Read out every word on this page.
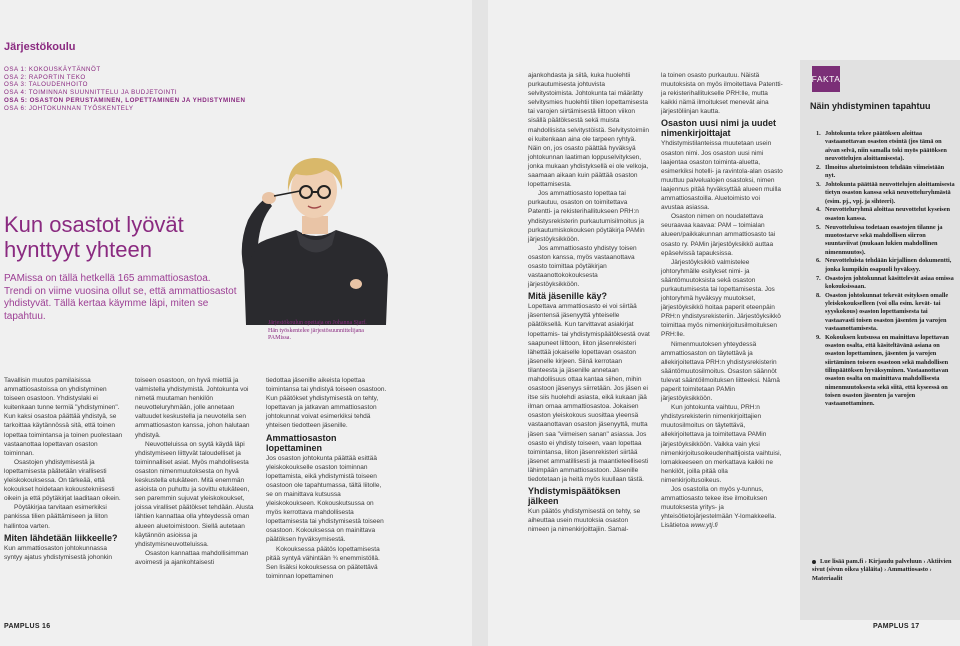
Järjestökoulu
OSA 1: KOKOUSKÄYTÄNNÖT
OSA 2: RAPORTIN TEKO
OSA 3: TALOUDENHOITO
OSA 4: TOIMINNAN SUUNNITTELU JA BUDJETOINTI
OSA 5: OSASTON PERUSTAMINEN, LOPETTAMINEN JA YHDISTYMINEN
OSA 6: JOHTOKUNNAN TYÖSKENTELY
Kun osastot lyövät hynttyyt yhteen

PAMissa on tällä hetkellä 165 ammattiosastoa. Trendi on viime vuosina ollut se, että ammattiosastot yhdistyvät. Tällä kertaa käymme läpi, miten se tapahtuu.

Järjestökoulun opettaja on Johanna Sjarf. Hän työskentelee järjestösuunnittelijana PAMissa.

Tavallisin muutos pamilaisissa ammattiosastoissa on yhdistyminen toiseen osastoon. Yhdistyslaki ei kuitenkaan tunne termiä "yhdistyminen". Kun kaksi osastoa päättää yhdistyä, se tarkoittaa käytännössä sitä, että toinen lopettaa toimintansa ja toinen puolestaan vastaanottaa lopettavan osaston toiminnan.

Osastojen yhdistymisestä ja lopettamisesta päätetään virallisesti yleiskokouksessa. On tärkeää, että kokoukset hoidetaan kokoustekniisesti oikein ja että pöytäkirjat laaditaan oikein.

Pöytäkirjaa tarvitaan esimerkiksi pankissa tilien päättämiseen ja liiton hallintoa varten.

Miten lähdetään liikkeelle?

Kun ammattiosaston johtokunnassa syntyy ajatus yhdistymisestä johonkin

toiseen osastoon, on hyvä miettiä ja valmistella yhdistymistä. Johtokunta voi nimetä muutaman henkilön neuvotteluryhmään, jolle annetaan valtuudet keskustella ja neuvotella sen ammattiosaston kanssa, johon halutaan yhdistyä.

Neuvotteluissa on syytä käydä läpi yhdistymiseen liittyvät taloudelliset ja toiminnalliset asiat. Myös mahdollisesta osaston nimenmuutoksesta on hyvä keskustella etukäteen. Mitä enemmän asioista on puhuttu ja sovittu etukäteen, sen paremmin sujuvat yleiskokoukset, joissa viralliset päätökset tehdään. Alusta lähtien kannattaa olla yhteydessä oman alueen aluetoimistoon. Siellä autetaan käytännön asioissa ja yhdistymisneuvotteluissa.

Osaston kannattaa mahdollisimman avoimesti ja ajankohtaisesti

tiedottaa jäsenille aikeista lopettaa toimintansa tai yhdistyä toiseen osastoon. Kun päätökset yhdistymisestä on tehty, lopettavan ja jatkavan ammattiosaston johtokunnat voivat esimerkiksi tehdä yhteisen tiedotteen jäsenille.

Ammattiosaston lopettaminen

Jos osaston johtokunta päättää esittää yleiskokoukselle osaston toiminnan lopettamista, eikä yhdistymistä toiseen osastoon ole tapahtumassa, tältä liitolle, se on mainittava kutsussa yleiskokoukseen. Kokouskutsussa on myös kerrottava mahdollisesta lopettamisesta tai yhdistymisestä toiseen osastoon. Kokouksessa on mainittava päätöksen hyväksymisestä.

Kokouksessa päätös lopettamisesta pitää syntyä vähintään ¾ enemmistöllä. Sen lisäksi kokouksessa on päätettävä toiminnan lopettaminen

PAMPLUS 16

ajankohdasta ja siitä, kuka huolehtii purkautumisesta johtuvista selvitystoimista. Johtokunta tai määrätty selvitysmies huolehtii tilien lopettamisesta tai varojen siirtämisestä liittoon viikon sisällä päätöksestä sekä muista mahdollisista selvitystöistä. Selvitystoimiin ei kuitenkaan aina ole tarpeen ryhtyä. Näin on, jos osasto päättää hyväksyä johtokunnan laatiman loppuselvityksen, jonka mukaan yhdistyksellä ei ole velkoja, saamaan aikaan kuin päättää osaston lopettamisesta.

Jos ammattiosasto lopettaa tai purkautuu, osaston on toimitettava Patentti- ja rekisterihallitukseen PRH:n yhdistysrekisterin purkautumisilmoitus ja purkautumiskokouksen pöytäkirja PAMin järjestöyksikköön.

Jos ammattiosasto yhdistyy toisen osaston kanssa, myös vastaanottava osasto toimittaa pöytäkirjan vastaanottokokouksesta järjestöyksikköön.

Mitä jäsenille käy?

Lopettava ammattiosasto ei voi siirtää jäsentensä jäsenyyttä yhteiselle päätöksellä. Kun tarvittavat asiakirjat lopettamis- tai yhdistymispäätöksestä ovat saapuneet liittoon, liiton jäsenrekisteri lähettää jokaiselle lopettavan osaston jäsenelle kirjeen. Siinä kerrotaan tilanteesta ja jäsenille annetaan mahdollisuus ottaa kantaa siihen, mihin osastoon jäsenyys siirretään. Jos jäsen ei itse siis huolehdi asiasta, eikä kukaan jää ilman omaa ammattiosastoa. Jokaisen osaston yleiskokous suosittaa yleensä vastaanottavan osaston jäsenyyttä, mutta jäsen saa "viimeisen sanan" asiassa. Jos osasto ei yhdisty toiseen, vaan lopettaa toimintansa, liiton jäsenrekisteri siirtää jäsenet ammatillisesti ja maantieteellisesti lähimpään ammattiosastoon. Jäsenille tiedotetaan ja heitä myös kuullaan tästä.

Yhdistymispäätöksen jälkeen

Kun päätös yhdistymisestä on tehty, se aiheuttaa usein muutoksia osaston nimeen ja nimenkirjoittajiin. Samal-

la toinen osasto purkautuu. Näistä muutoksista on myös ilmoitettava Patentti- ja rekisterihallitukselle PRH:lle, mutta kaikki nämä ilmoitukset menevät aina järjestöliinjan kautta.

Osaston uusi nimi ja uudet nimenkirjoittajat

Yhdistymistilanteissa muutetaan usein osaston nimi. Jos osaston uusi nimi laajentaa osaston toiminta-aluetta, esimerkiksi hotelli- ja ravintola-alan osasto muuttuu palvelualojen osastoksi, nimen laajennus pitää hyväksyttää alueen muilla ammattiosastoilla. Aluetoimisto voi avustaa asiassa.

Osaston nimen on noudatettava seuraavaa kaavaa: PAM – toimialan alueen/paikkakunnan ammattiosasto tai osasto ry. PAMin järjestöyksikkö auttaa epäselvissä tapauksissa.

Järjestöyksikkö valmistelee johtoryhmälle esitykset nimi- ja sääntömuutoksista sekä osaston purkautumisesta tai lopettamisesta. Jos johtoryhmä hyväksyy muutokset, järjestöyksikkö hoitaa paperit eteenpäin PRH:n yhdistysrekisteriin. Järjestöyksikkö toimittaa myös nimenkirjoitusilmoituksen PRH:lle.

Nimenmuutoksen yhteydessä ammattiosaston on täytettävä ja allekirjoitettava PRH:n yhdistysrekisterin sääntömuutosilmoitus. Osaston säännöt tulevat sääntöilmoituksen liitteeksi. Nämä paperit toimitetaan PAMin järjestöyksikköön.

Kun johtokunta vaihtuu, PRH:n yhdistysrekisterin nimenkirjoittajien muutosilmoitus on täytettävä, allekirjoitettava ja toimitettava PAMin järjestöyksikköön. Vaikka vain yksi nimenkirjoitusoikeudenhaltijoista vaihtuisi, lomakkeeseen on merkattava kaikki ne henkilöt, joilla pitää olla nimenkirjoitusoikeus.

Jos osastolla on myös y-tunnus, ammattiosasto tekee itse ilmoituksen muutoksesta yritys- ja yhteisötietojärjestelmään Y-lomakkeella. Lisätietoa www.ytj.fi

PAMPLUS 17
FAKTA
Näin yhdistyminen tapahtuu
1. Johtokunta tekee päätöksen aloittaa vastaanottavan osaston etsintä (jos tämä on aivan selvä, niin samalla toki myös päätöksen neuvottelujen aloittamisesta).
2. Ilmoitus aluetoimistoon tehdään viimeistään nyt.
3. Johtokunta päättää neuvottelujen aloittamisesta tietyn osaston kanssa sekä neuvotteluryhmästä (esim. pj., vpj. ja sihteeri).
4. Neuvotteluryhmä aloittaa neuvottelut kyseisen osaston kanssa.
5. Neuvotteluissa todetaan osastojen tilanne ja muotostarve sekä mahdollisen siirron suuntaviivat (mukaan lukien mahdollinen nimenmuutos).
6. Neuvotteluista tehdään kirjallinen dokumentti, jonka kumpikin osapuoli hyväksyy.
7. Osastojen johtokunnat käsittelevät asiaa omissa kokouksissaan.
8. Osaston johtokunnat tekevät esityksen omalle yleiskokoukselleen (voi olla esim. kevät- tai syyskokous) osaston lopettamisesta tai vastaavasti toisen osaston jäsenten ja varojen vastaanottamisesta.
9. Kokouksen kutsussa on mainittava lopettavan osaston osalta, että käsiteltävänä asiana on osaston lopettaminen, jäsenten ja varojen siirtäminen toiseen osastoon sekä mahdollisen tilinpäätöksen hyväksyminen. Vastaanottavan osaston osalta on mainittava mahdollisesta nimenmuutoksesta sekä siitä, että kyseessä on toisen osaston jäsenten ja varojen vastaanottaminen.

Lue lisää pam.fi › Kirjaudu palveluun › Aktiivien sivut (sivun oikea yläläita) › Ammattiosasto › Materiaalit
